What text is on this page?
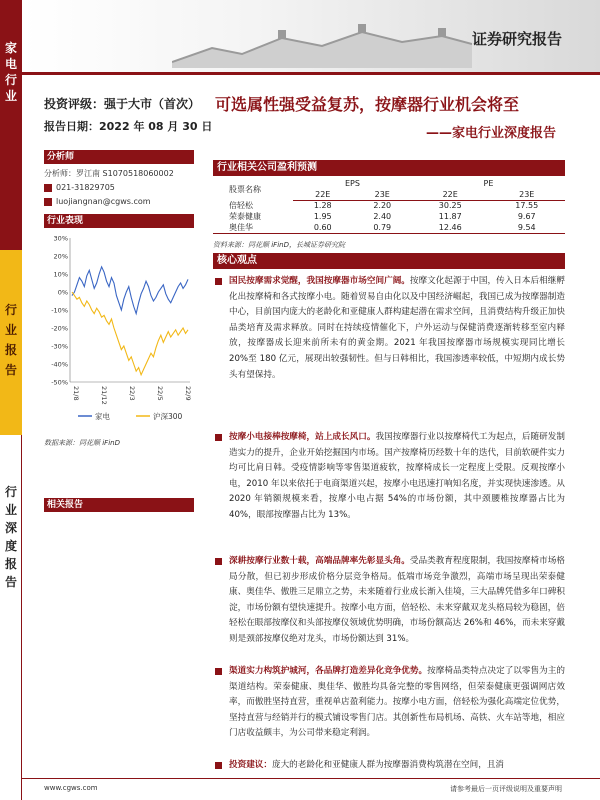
家电行业
行业报告
行业深度报告
证券研究报告
投资评级：强于大市（首次）
报告日期：2022 年 08 月 30 日
可选属性强受益复苏，按摩器行业机会将至
——家电行业深度报告
分析师
分析师：罗江南 S1070518060002
021-31829705
luojiangnan@cgws.com
行业表现
30%
20%
10%
0%
-10%
-20%
-30%
-40%
-50%
21/8	21/12	22/3	22/5	22/9
家电	沪深300
数据来源：同花顺 iFinD
相关报告
行业相关公司盈利预测
股票名称	EPS		PE	
	22E	23E	22E	23E
倍轻松	1.28	2.20	30.25	17.55
荣泰健康	1.95	2.40	11.87	9.67
奥佳华	0.60	0.79	12.46	9.54
资料来源：同花顺 iFinD，长城证券研究院
核心观点
国民按摩需求觉醒，我国按摩器市场空间广阔。按摩文化起源于中国，传入日本后相继孵化出按摩椅和各式按摩小电。随着贸易自由化以及中国经济崛起，我国已成为按摩器制造中心，目前国内庞大的老龄化和亚健康人群构建起潜在需求空间，且消费结构升级正加快品类培育及需求释放。同时在持续疫情催化下，户外运动与保健消费逐渐转移至室内释放，按摩器成长迎来前所未有的黄金期。2021 年我国按摩器市场规模实现同比增长 20%至 180 亿元，展现出较强韧性。但与日韩相比，我国渗透率较低，中短期内成长势头有望保持。
按摩小电接棒按摩椅，站上成长风口。我国按摩器行业以按摩椅代工为起点，后随研发制造实力的提升，企业开始挖掘国内市场。国产按摩椅历经数十年的迭代，目前软硬件实力均可比肩日韩。受疫情影响等零售渠道疲软，按摩椅成长一定程度上受限。反观按摩小电，2010 年以来依托于电商渠道兴起，按摩小电迅速打响知名度，并实现快速渗透。从 2020 年销额规模来看，按摩小电占据 54%的市场份额，其中颈腰椎按摩器占比为 40%，眼部按摩器占比为 13%。
深耕按摩行业数十载，高端品牌率先彰显头角。受品类教育程度限制，我国按摩椅市场格局分散，但已初步形成价格分层竞争格局。低端市场竞争激烈，高端市场呈现出荣泰健康、奥佳华、傲胜三足鼎立之势，未来随着行业成长渐入佳境，三大品牌凭借多年口碑积淀，市场份额有望快速提升。按摩小电方面，倍轻松、未来穿戴双龙头格局较为稳固，倍轻松在眼部按摩仪和头部按摩仪领域优势明确，市场份额高达 26%和 46%，而未来穿戴则是颈部按摩仪绝对龙头，市场份额达到 31%。
渠道实力构筑护城河，各品牌打造差异化竞争优势。按摩椅品类特点决定了以零售为主的渠道结构。荣泰健康、奥佳华、傲胜均具备完整的零售网络，但荣泰健康更强调网店效率，而傲胜坚持直营，重视单店盈利能力。按摩小电方面，倍轻松为强化高端定位优势，坚持直营与经销并行的模式铺设零售门店。其创新性布局机场、高铁、火车站等地，相应门店收益颇丰，为公司带来稳定利润。
投资建议：庞大的老龄化和亚健康人群为按摩器消费构筑潜在空间，且消
www.cgws.com	请参考最后一页评级说明及重要声明
